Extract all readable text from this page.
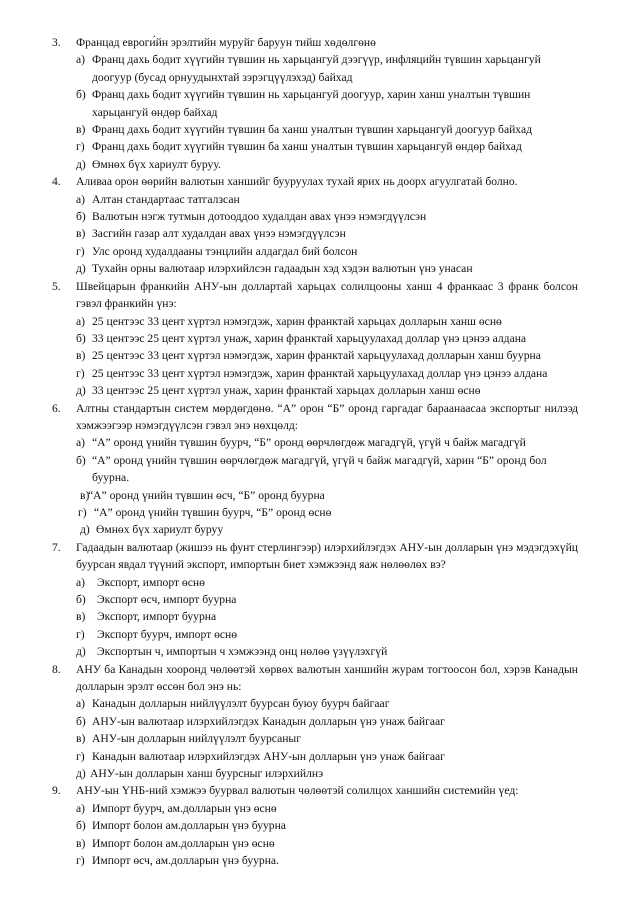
3. Францад евроги́йн эрэлтийн муруйг баруун тийш хөдөлгөнө
а) Франц дахь бодит хүүгийн түвшин нь харьцангуй дээгүүр, инфляцийн түвшин харьцангуй доогуур (бусад орнуудынхтай зэрэгцүүлэхэд) байхад
б) Франц дахь бодит хүүгийн түвшин нь харьцангуй доогуур, харин ханш уналтын түвшин харьцангуй өндөр байхад
в) Франц дахь бодит хүүгийн түвшин ба ханш уналтын түвшин харьцангуй доогуур байхад
г) Франц дахь бодит хүүгийн түвшин ба ханш уналтын түвшин харьцангуй өндөр байхад
д) Өмнөх бүх хариулт буруу.
4. Аливаа орон өөрийн валютын ханшийг бууруулах тухай ярих нь доорх агуулгатай болно.
а) Алтан стандартаас татгалзсан
б) Валютын нэгж тутмын дотооддоо худалдан авах үнээ нэмэгдүүлсэн
в) Засгийн газар алт худалдан авах үнээ нэмэгдүүлсэн
г) Улс оронд худалдааны тэнцлийн алдагдал бий болсон
д) Тухайн орны валютаар илэрхийлсэн гадаадын хэд хэдэн валютын үнэ унасан
5. Швейцарын франкийн АНУ-ын доллартай харьцах солилцооны ханш 4 франкаас 3 франк болсон гэвэл франкийн үнэ:
а) 25 центээс 33 цент хүртэл нэмэгдэж, харин франктай харьцах долларын ханш өснө
б) 33 центээс 25 цент хүртэл унаж, харин франктай харьцуулахад доллар үнэ цэнээ алдана
в) 25 центээс 33 цент хүртэл нэмэгдэж, харин франктай харьцуулахад долларын ханш буурна
г) 25 центээс 33 цент хүртэл нэмэгдэж, харин франктай харьцуулахад доллар үнэ цэнээ алдана
д) 33 центээс 25 цент хүртэл унаж, харин франктай харьцах долларын ханш өснө
6. Алтны стандартын систем мөрдөгдөнө. “А” орон “Б” оронд гаргадаг бараанаасаа экспортыг нилээд хэмжээгээр нэмэгдүүлсэн гэвэл энэ нөхцөлд:
а) “А” оронд үнийн түвшин буурч, “Б” оронд өөрчлөгдөж магадгүй, үгүй ч байж магадгүй
б) “А” оронд үнийн түвшин өөрчлөгдөж магадгүй, үгүй ч байж магадгүй, харин “Б” оронд бол буурна.
в)
“А” оронд үнийн түвшин өсч, “Б” оронд буурна
г) “А” оронд үнийн түвшин буурч, “Б” оронд өснө
д) Өмнөх бүх хариулт буруу
7. Гадаадын валютаар (жишээ нь фунт стерлингээр) илэрхийлэгдэх АНУ-ын долларын үнэ мэдэгдэхүйц буурсан явдал түүний экспорт, импортын биет хэмжээнд яаж нөлөөлөх вэ?
а) Экспорт, импорт өснө
б) Экспорт өсч, импорт буурна
в) Экспорт, импорт буурна
г) Экспорт буурч, импорт өснө
д) Экспортын ч, импортын ч хэмжээнд онц нөлөө үзүүлэхгүй
8. АНУ ба Канадын хооронд чөлөөтэй хөрвөх валютын ханшийн журам тогтоосон бол, хэрэв Канадын долларын эрэлт өссөн бол энэ нь:
а) Канадын долларын нийлүүлэлт буурсан буюу буурч байгааг
б) АНУ-ын валютаар илэрхийлэгдэх Канадын долларын үнэ унаж байгааг
в) АНУ-ын долларын нийлүүлэлт буурсаныг
г) Канадын валютаар илэрхийлэгдэх АНУ-ын долларын үнэ унаж байгааг
д) АНУ-ын долларын ханш буурсныг илэрхийлнэ
9. АНУ-ын ҮНБ-ний хэмжээ буурвал валютын чөлөөтэй солилцох ханшийн системийн үед:
а) Импорт буурч, ам.долларын үнэ өснө
б) Импорт болон ам.долларын үнэ буурна
в) Импорт болон ам.долларын үнэ өснө
г) Импорт өсч, ам.долларын үнэ буурна.
